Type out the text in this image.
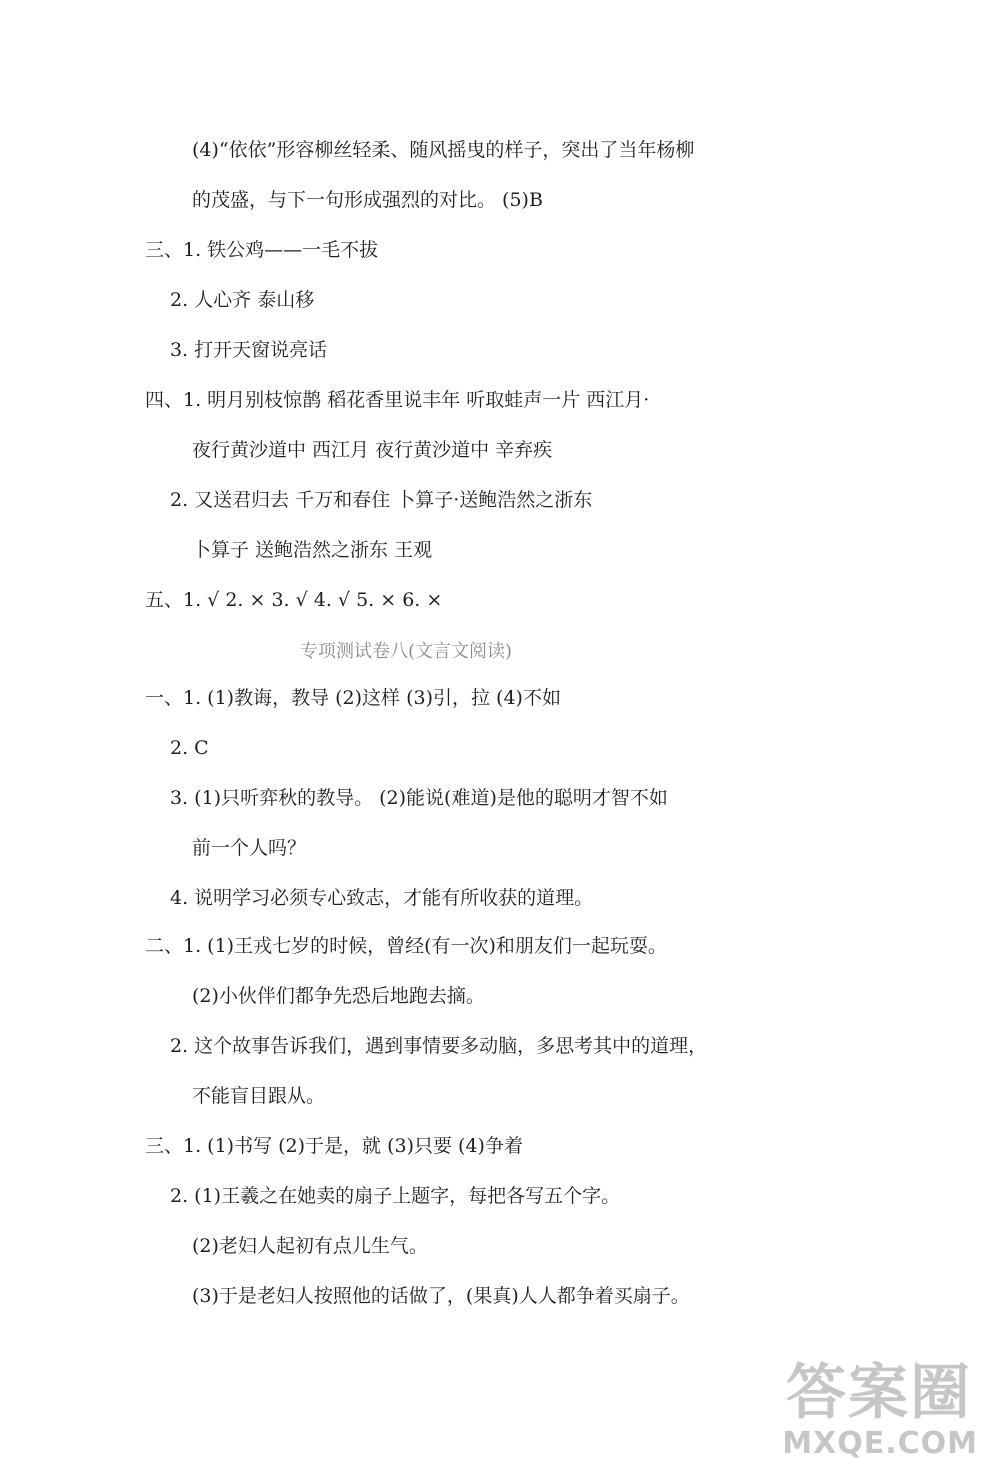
(4)“依依”形容柳丝轻柔、随风摇曳的样子，突出了当年杨柳
的茂盛，与下一句形成强烈的对比。 (5)B
三、1. 铁公鸡——一毛不拔
2. 人心齐 泰山移
3. 打开天窗说亮话
四、1. 明月别枝惊鹊 稻花香里说丰年 听取蛙声一片 西江月·
夜行黄沙道中 西江月 夜行黄沙道中 辛弃疾
2. 又送君归去 千万和春住 卜算子·送鲍浩然之浙东
卜算子 送鲍浩然之浙东 王观
五、1. √ 2. × 3. √ 4. √ 5. × 6. ×
专项测试卷八(文言文阅读)
一、1. (1)教诲，教导 (2)这样 (3)引，拉 (4)不如
2. C
3. (1)只听弈秋的教导。 (2)能说(难道)是他的聪明才智不如
前一个人吗？
4. 说明学习必须专心致志，才能有所收获的道理。
二、1. (1)王戎七岁的时候，曾经(有一次)和朋友们一起玩耍。
(2)小伙伴们都争先恐后地跑去摘。
2. 这个故事告诉我们，遇到事情要多动脑，多思考其中的道理，
不能盲目跟从。
三、1. (1)书写 (2)于是，就 (3)只要 (4)争着
2. (1)王羲之在她卖的扇子上题字，每把各写五个字。
(2)老妇人起初有点儿生气。
(3)于是老妇人按照他的话做了，(果真)人人都争着买扇子。
答案圈
MXQE.COM
